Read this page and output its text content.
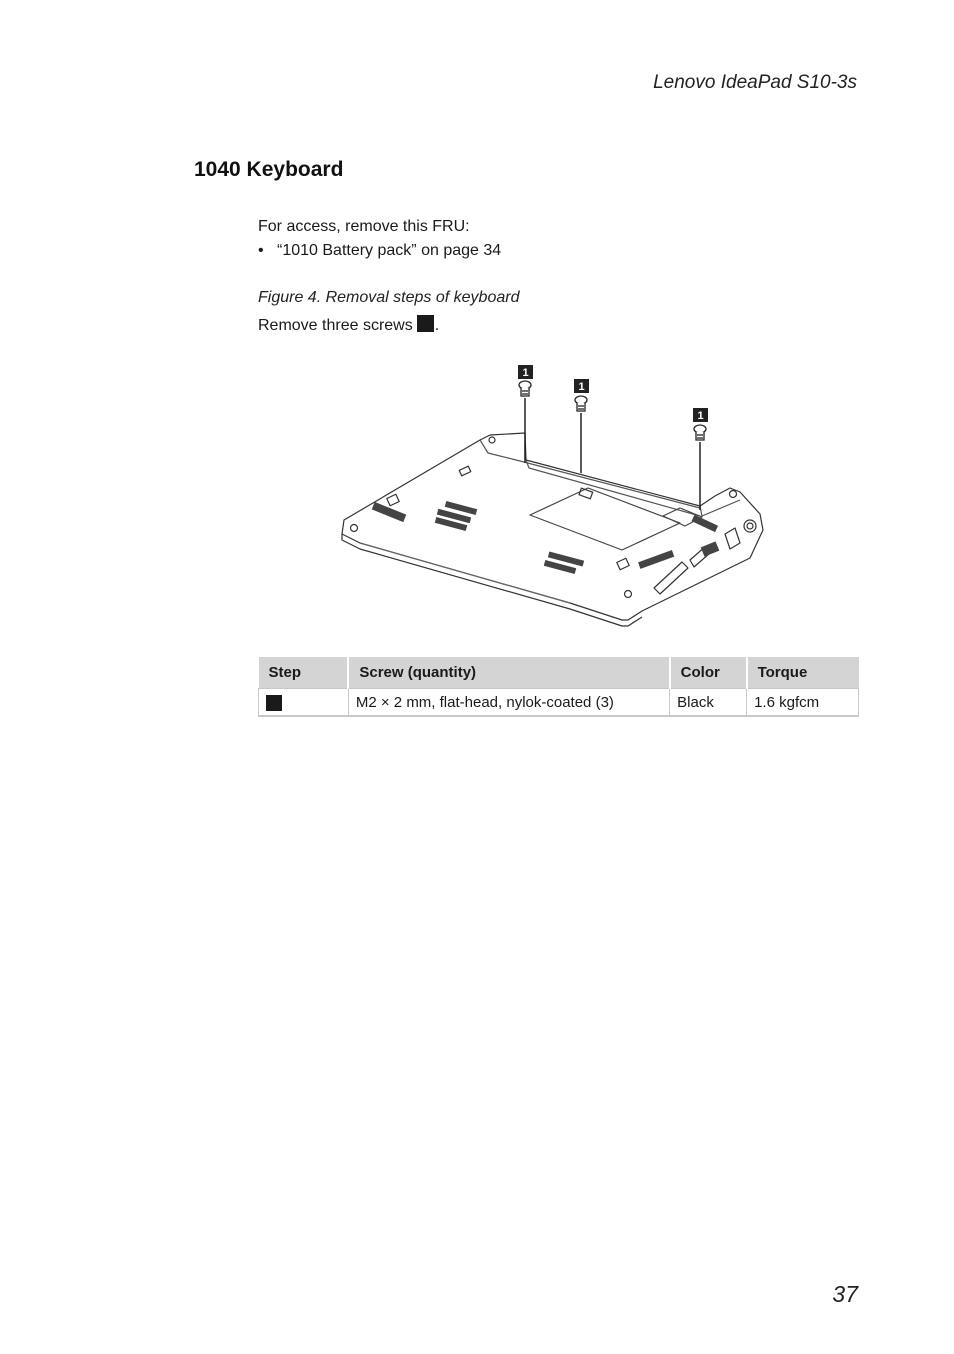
Lenovo IdeaPad S10-3s
1040 Keyboard
For access, remove this FRU:
• “1010 Battery pack” on page 34
Figure 4. Removal steps of keyboard
Remove three screws .
1
1
1
Step	Screw (quantity)	Color	Torque
	M2 × 2 mm, flat-head, nylok-coated (3)	Black	1.6 kgfcm
37
